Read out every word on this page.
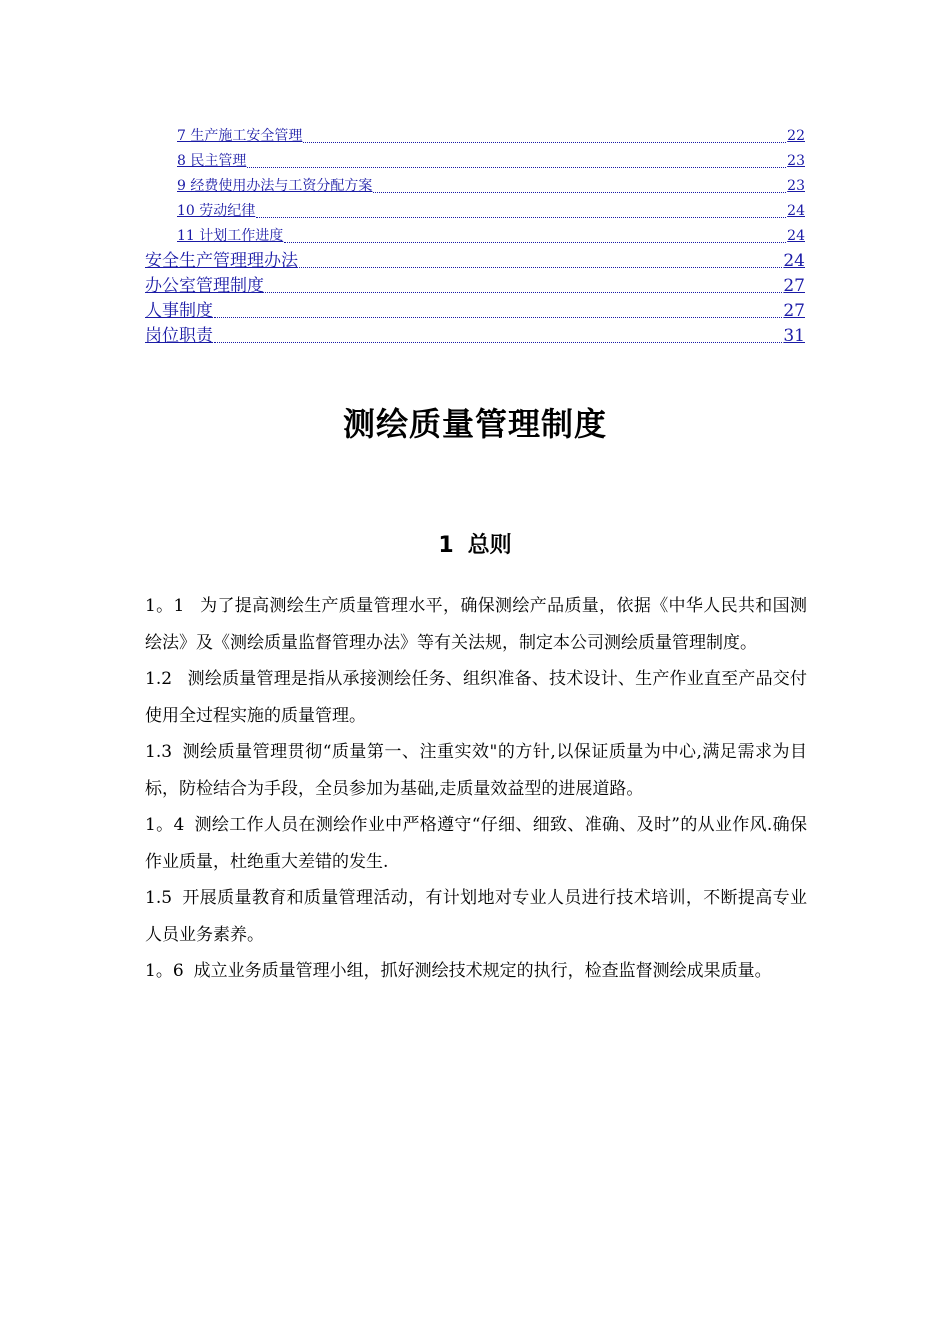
7 生产施工安全管理	22
8 民主管理	23
9 经费使用办法与工资分配方案	23
10 劳动纪律	24
11 计划工作进度	24
安全生产管理理办法	24
办公室管理制度	27
人事制度	27
岗位职责	31
测绘质量管理制度
1 总则

1。1 为了提高测绘生产质量管理水平，确保测绘产品质量，依据《中华人民共和国测绘法》及《测绘质量监督管理办法》等有关法规，制定本公司测绘质量管理制度。

1.2 测绘质量管理是指从承接测绘任务、组织准备、技术设计、生产作业直至产品交付使用全过程实施的质量管理。

1.3 测绘质量管理贯彻“质量第一、注重实效"的方针,以保证质量为中心,满足需求为目标，防检结合为手段，全员参加为基础,走质量效益型的进展道路。

1。4 测绘工作人员在测绘作业中严格遵守“仔细、细致、准确、及时”的从业作风.确保作业质量，杜绝重大差错的发生.

1.5 开展质量教育和质量管理活动，有计划地对专业人员进行技术培训，不断提高专业人员业务素养。

1。6 成立业务质量管理小组，抓好测绘技术规定的执行，检查监督测绘成果质量。
